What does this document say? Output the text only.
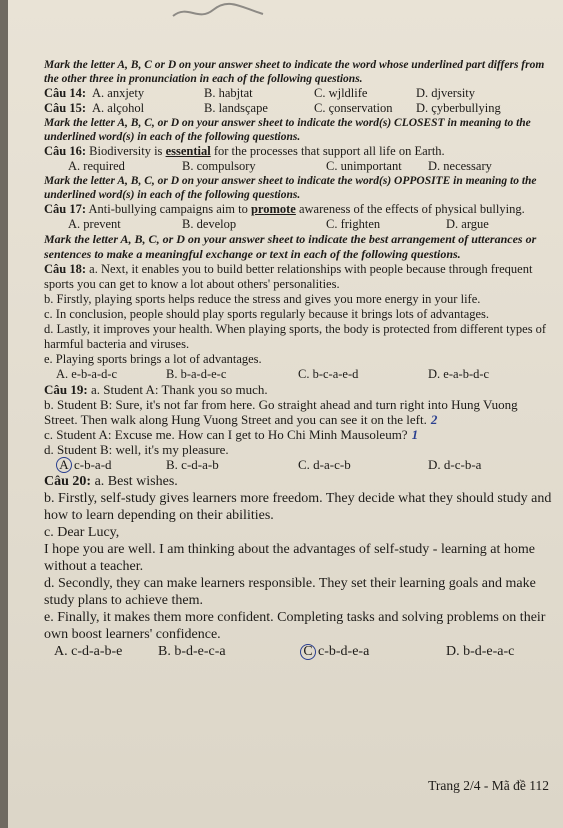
Mark the letter A, B, C or D on your answer sheet to indicate the word whose underlined part differs from the other three in pronunciation in each of the following questions.
Câu 14: A. anxjety	B. habjtat	C. wjldlife	D. djversity
Câu 15: A. alçohol	B. landsçape	C. çonservation	D. çyberbullying
Mark the letter A, B, C, or D on your answer sheet to indicate the word(s) CLOSEST in meaning to the underlined word(s) in each of the following questions.
Câu 16: Biodiversity is essential for the processes that support all life on Earth.
A. required	B. compulsory	C. unimportant	D. necessary
Mark the letter A, B, C, or D on your answer sheet to indicate the word(s) OPPOSITE in meaning to the underlined word(s) in each of the following questions.
Câu 17: Anti-bullying campaigns aim to promote awareness of the effects of physical bullying.
A. prevent	B. develop	C. frighten	D. argue
Mark the letter A, B, C, or D on your answer sheet to indicate the best arrangement of utterances or sentences to make a meaningful exchange or text in each of the following questions.
Câu 18: a. Next, it enables you to build better relationships with people because through frequent sports you can get to know a lot about others' personalities.
b. Firstly, playing sports helps reduce the stress and gives you more energy in your life.
c. In conclusion, people should play sports regularly because it brings lots of advantages.
d. Lastly, it improves your health. When playing sports, the body is protected from different types of harmful bacteria and viruses.
e. Playing sports brings a lot of advantages.
A. e-b-a-d-c	B. b-a-d-e-c	C. b-c-a-e-d	D. e-a-b-d-c
Câu 19: a. Student A: Thank you so much.
b. Student B: Sure, it's not far from here. Go straight ahead and turn right into Hung Vuong Street. Then walk along Hung Vuong Street and you can see it on the left. 2
c. Student A: Excuse me. How can I get to Ho Chi Minh Mausoleum? 1
d. Student B: well, it's my pleasure.
A c-b-a-d	B. c-d-a-b	C. d-a-c-b	D. d-c-b-a
Câu 20: a. Best wishes.
b. Firstly, self-study gives learners more freedom. They decide what they should study and how to learn depending on their abilities.
c. Dear Lucy,
I hope you are well. I am thinking about the advantages of self-study - learning at home without a teacher.
d. Secondly, they can make learners responsible. They set their learning goals and make study plans to achieve them.
e. Finally, it makes them more confident. Completing tasks and solving problems on their own boost learners' confidence.
A. c-d-a-b-e	B. b-d-e-c-a	C c-b-d-e-a	D. b-d-e-a-c
Trang 2/4 - Mã đề 112
